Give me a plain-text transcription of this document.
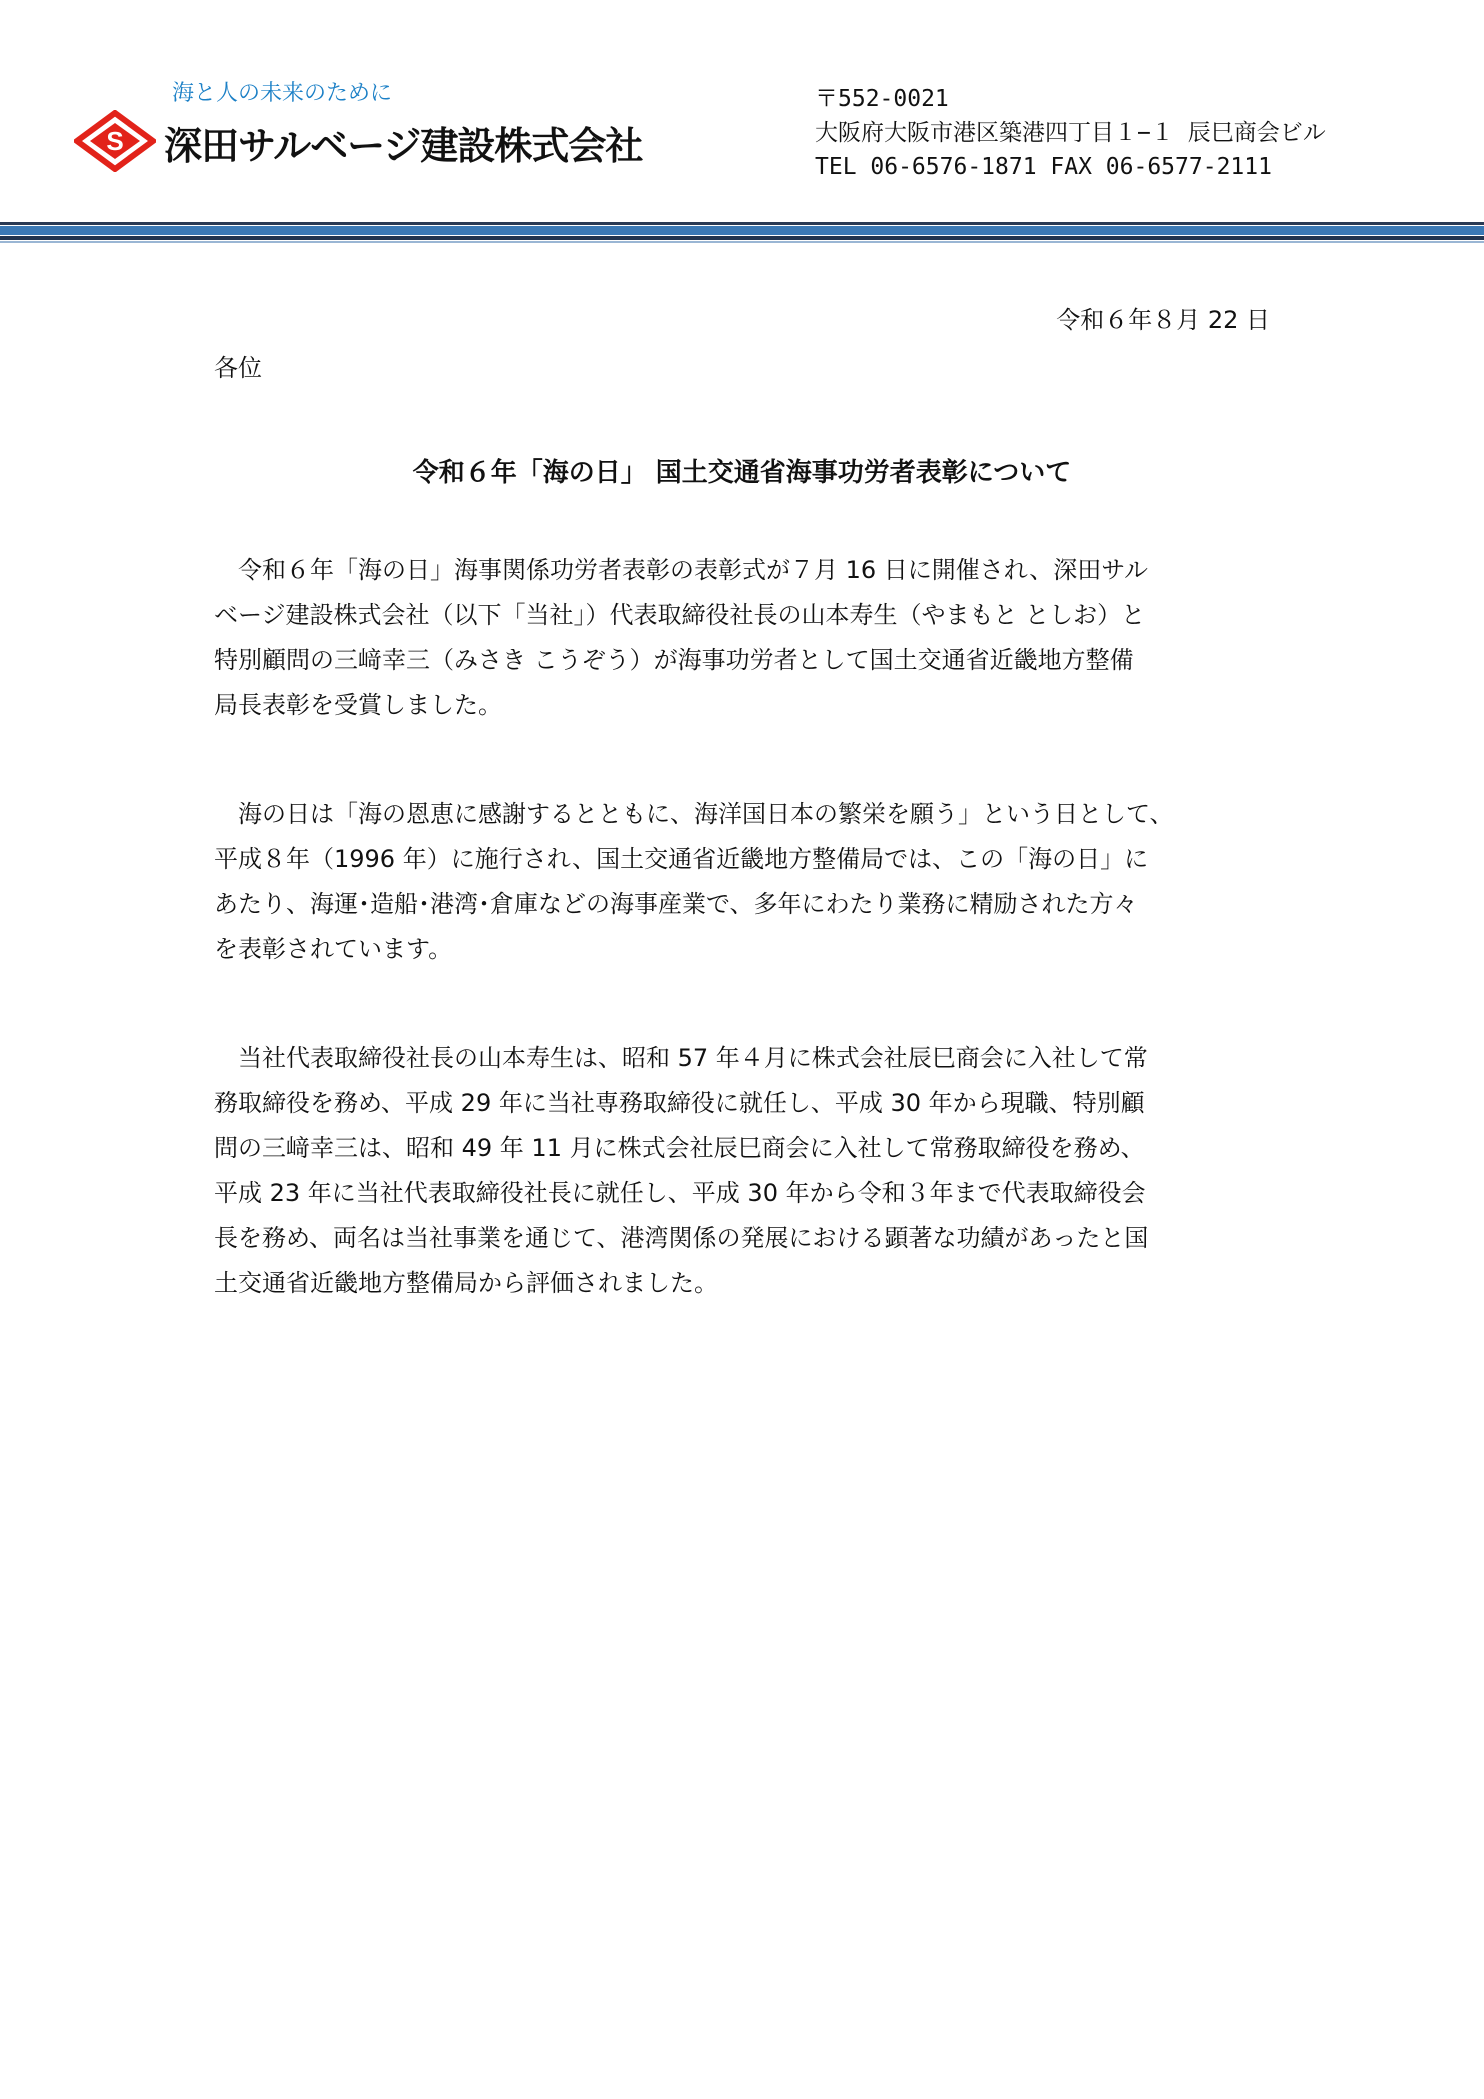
海と人の未来のために
S 深田サルベージ建設株式会社
〒552-0021
大阪府大阪市港区築港四丁目１−１ 辰巳商会ビル
TEL 06-6576-1871 FAX 06-6577-2111
令和６年８月 22 日
各位
令和６年「海の日」 国土交通省海事功労者表彰について

令和６年「海の日」海事関係功労者表彰の表彰式が７月 16 日に開催され、深田サル
ベージ建設株式会社（以下「当社」）代表取締役社長の山本寿生（やまもと としお）と
特別顧問の三﨑幸三（みさき こうぞう）が海事功労者として国土交通省近畿地方整備
局長表彰を受賞しました。

海の日は「海の恩恵に感謝するとともに、海洋国日本の繁栄を願う」という日として、
平成８年（1996 年）に施行され、国土交通省近畿地方整備局では、この「海の日」に
あたり、海運･造船･港湾･倉庫などの海事産業で、多年にわたり業務に精励された方々
を表彰されています。

当社代表取締役社長の山本寿生は、昭和 57 年４月に株式会社辰巳商会に入社して常
務取締役を務め、平成 29 年に当社専務取締役に就任し、平成 30 年から現職、特別顧
問の三﨑幸三は、昭和 49 年 11 月に株式会社辰巳商会に入社して常務取締役を務め、
平成 23 年に当社代表取締役社長に就任し、平成 30 年から令和３年まで代表取締役会
長を務め、両名は当社事業を通じて、港湾関係の発展における顕著な功績があったと国
土交通省近畿地方整備局から評価されました。
